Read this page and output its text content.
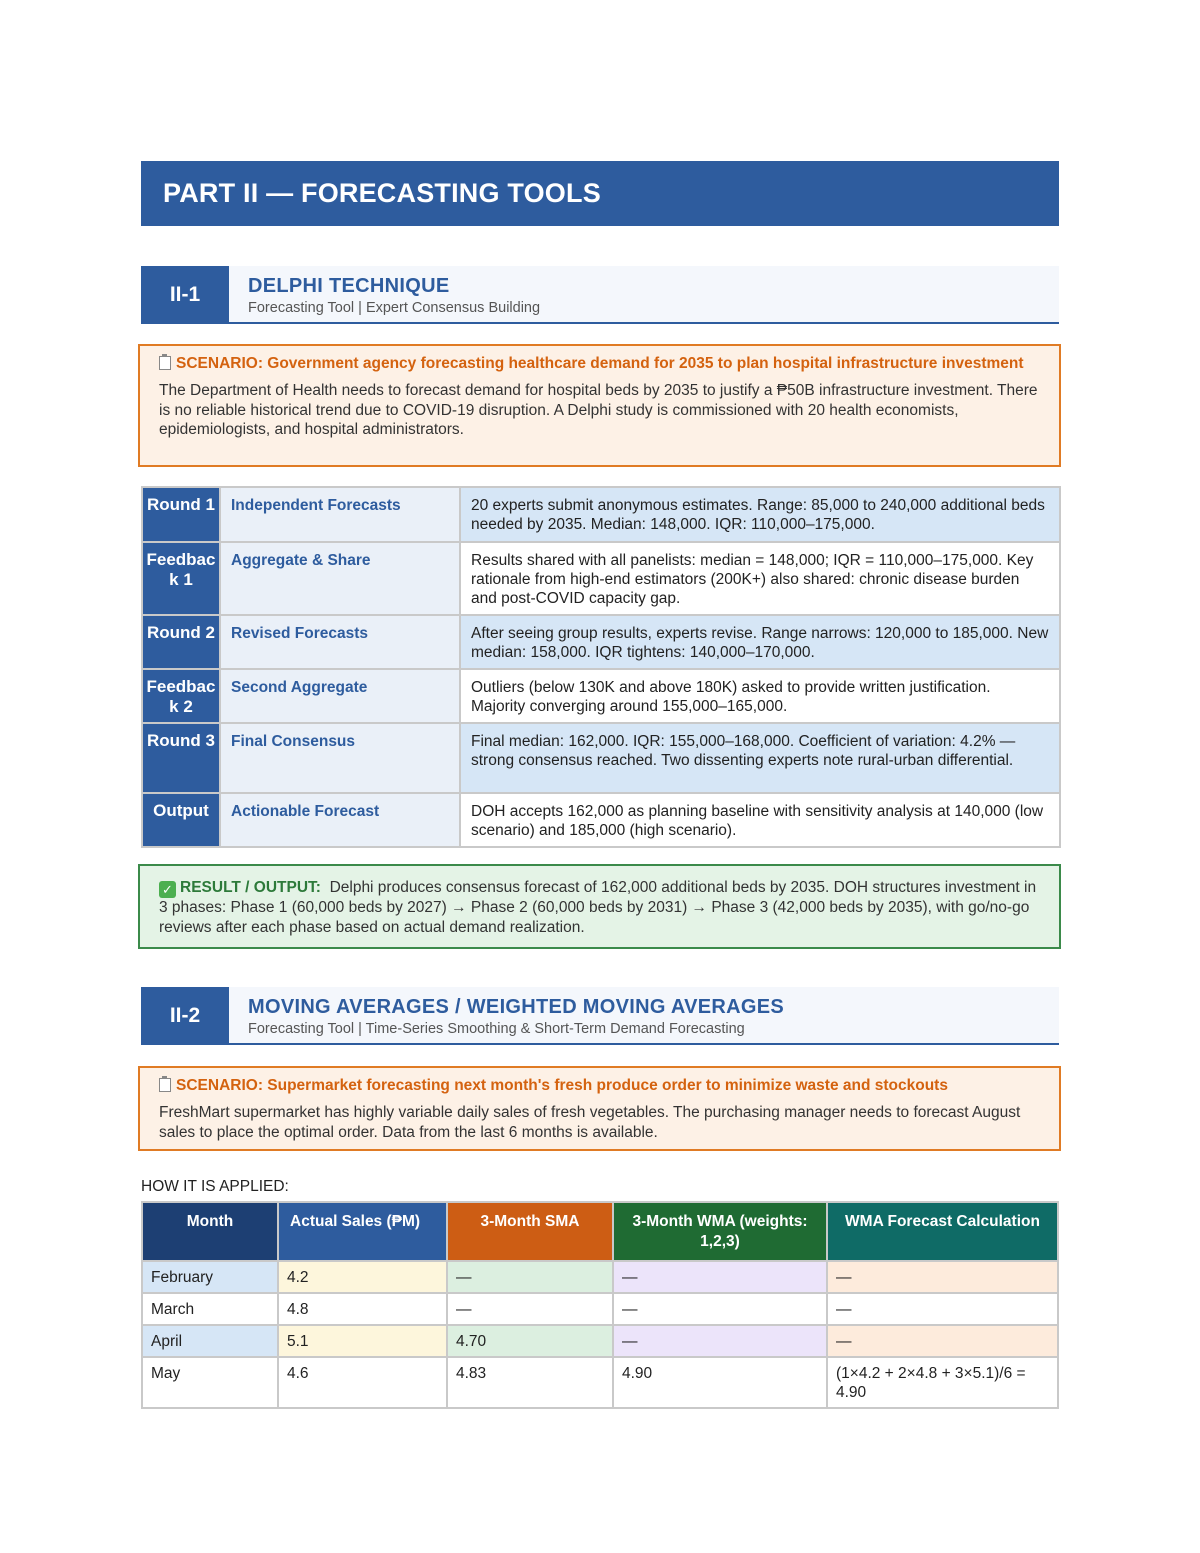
PART II — FORECASTING TOOLS
II-1	DELPHI TECHNIQUE
Forecasting Tool | Expert Consensus Building
SCENARIO: Government agency forecasting healthcare demand for 2035 to plan hospital infrastructure investment
The Department of Health needs to forecast demand for hospital beds by 2035 to justify a ₱50B infrastructure investment. There is no reliable historical trend due to COVID-19 disruption. A Delphi study is commissioned with 20 health economists, epidemiologists, and hospital administrators.
Round 1	Independent Forecasts	20 experts submit anonymous estimates. Range: 85,000 to 240,000 additional beds needed by 2035. Median: 148,000. IQR: 110,000–175,000.
Feedback 1	Aggregate & Share	Results shared with all panelists: median = 148,000; IQR = 110,000–175,000. Key rationale from high-end estimators (200K+) also shared: chronic disease burden and post-COVID capacity gap.
Round 2	Revised Forecasts	After seeing group results, experts revise. Range narrows: 120,000 to 185,000. New median: 158,000. IQR tightens: 140,000–170,000.
Feedback 2	Second Aggregate	Outliers (below 130K and above 180K) asked to provide written justification. Majority converging around 155,000–165,000.
Round 3	Final Consensus	Final median: 162,000. IQR: 155,000–168,000. Coefficient of variation: 4.2% — strong consensus reached. Two dissenting experts note rural-urban differential.
Output	Actionable Forecast	DOH accepts 162,000 as planning baseline with sensitivity analysis at 140,000 (low scenario) and 185,000 (high scenario).
✓ RESULT / OUTPUT: Delphi produces consensus forecast of 162,000 additional beds by 2035. DOH structures investment in 3 phases: Phase 1 (60,000 beds by 2027) → Phase 2 (60,000 beds by 2031) → Phase 3 (42,000 beds by 2035), with go/no-go reviews after each phase based on actual demand realization.
II-2	MOVING AVERAGES / WEIGHTED MOVING AVERAGES
Forecasting Tool | Time-Series Smoothing & Short-Term Demand Forecasting
SCENARIO: Supermarket forecasting next month's fresh produce order to minimize waste and stockouts
FreshMart supermarket has highly variable daily sales of fresh vegetables. The purchasing manager needs to forecast August sales to place the optimal order. Data from the last 6 months is available.
HOW IT IS APPLIED:
Month	Actual Sales (₱M)	3-Month SMA	3-Month WMA (weights: 1,2,3)	WMA Forecast Calculation
February	4.2	—	—	—
March	4.8	—	—	—
April	5.1	4.70	—	—
May	4.6	4.83	4.90	(1×4.2 + 2×4.8 + 3×5.1)/6 = 4.90
